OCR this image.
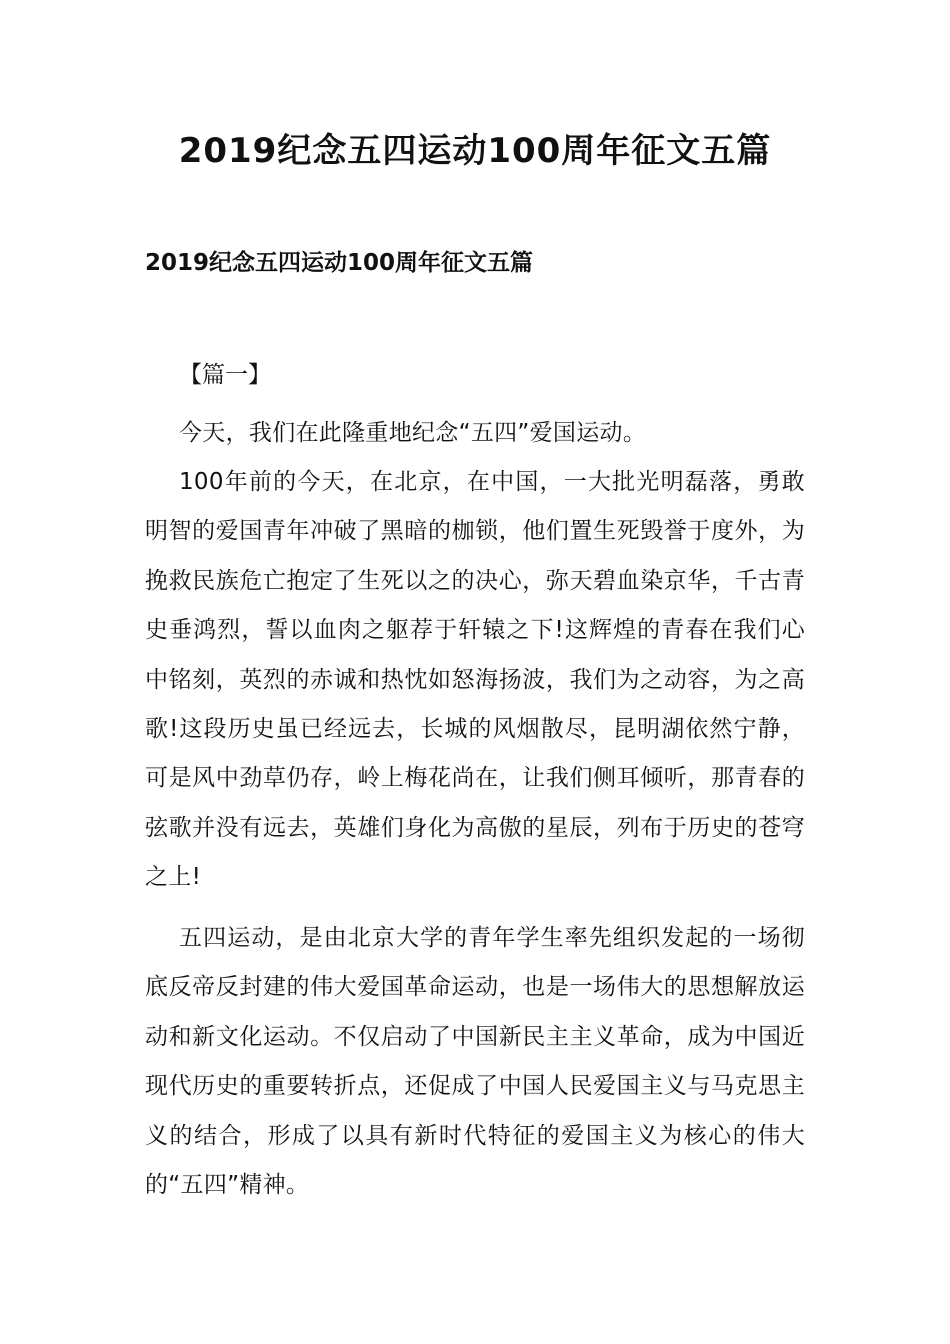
2019纪念五四运动100周年征文五篇
2019纪念五四运动100周年征文五篇

【篇一】

今天，我们在此隆重地纪念“五四”爱国运动。

100年前的今天，在北京，在中国，一大批光明磊落，勇敢明智的爱国青年冲破了黑暗的枷锁，他们置生死毁誉于度外，为挽救民族危亡抱定了生死以之的决心，弥天碧血染京华，千古青史垂鸿烈，誓以血肉之躯荐于轩辕之下!这辉煌的青春在我们心中铭刻，英烈的赤诚和热忱如怒海扬波，我们为之动容，为之高歌!这段历史虽已经远去，长城的风烟散尽，昆明湖依然宁静，可是风中劲草仍存，岭上梅花尚在，让我们侧耳倾听，那青春的弦歌并没有远去，英雄们身化为高傲的星辰，列布于历史的苍穹之上!

五四运动，是由北京大学的青年学生率先组织发起的一场彻底反帝反封建的伟大爱国革命运动，也是一场伟大的思想解放运动和新文化运动。不仅启动了中国新民主主义革命，成为中国近现代历史的重要转折点，还促成了中国人民爱国主义与马克思主义的结合，形成了以具有新时代特征的爱国主义为核心的伟大的“五四”精神。
